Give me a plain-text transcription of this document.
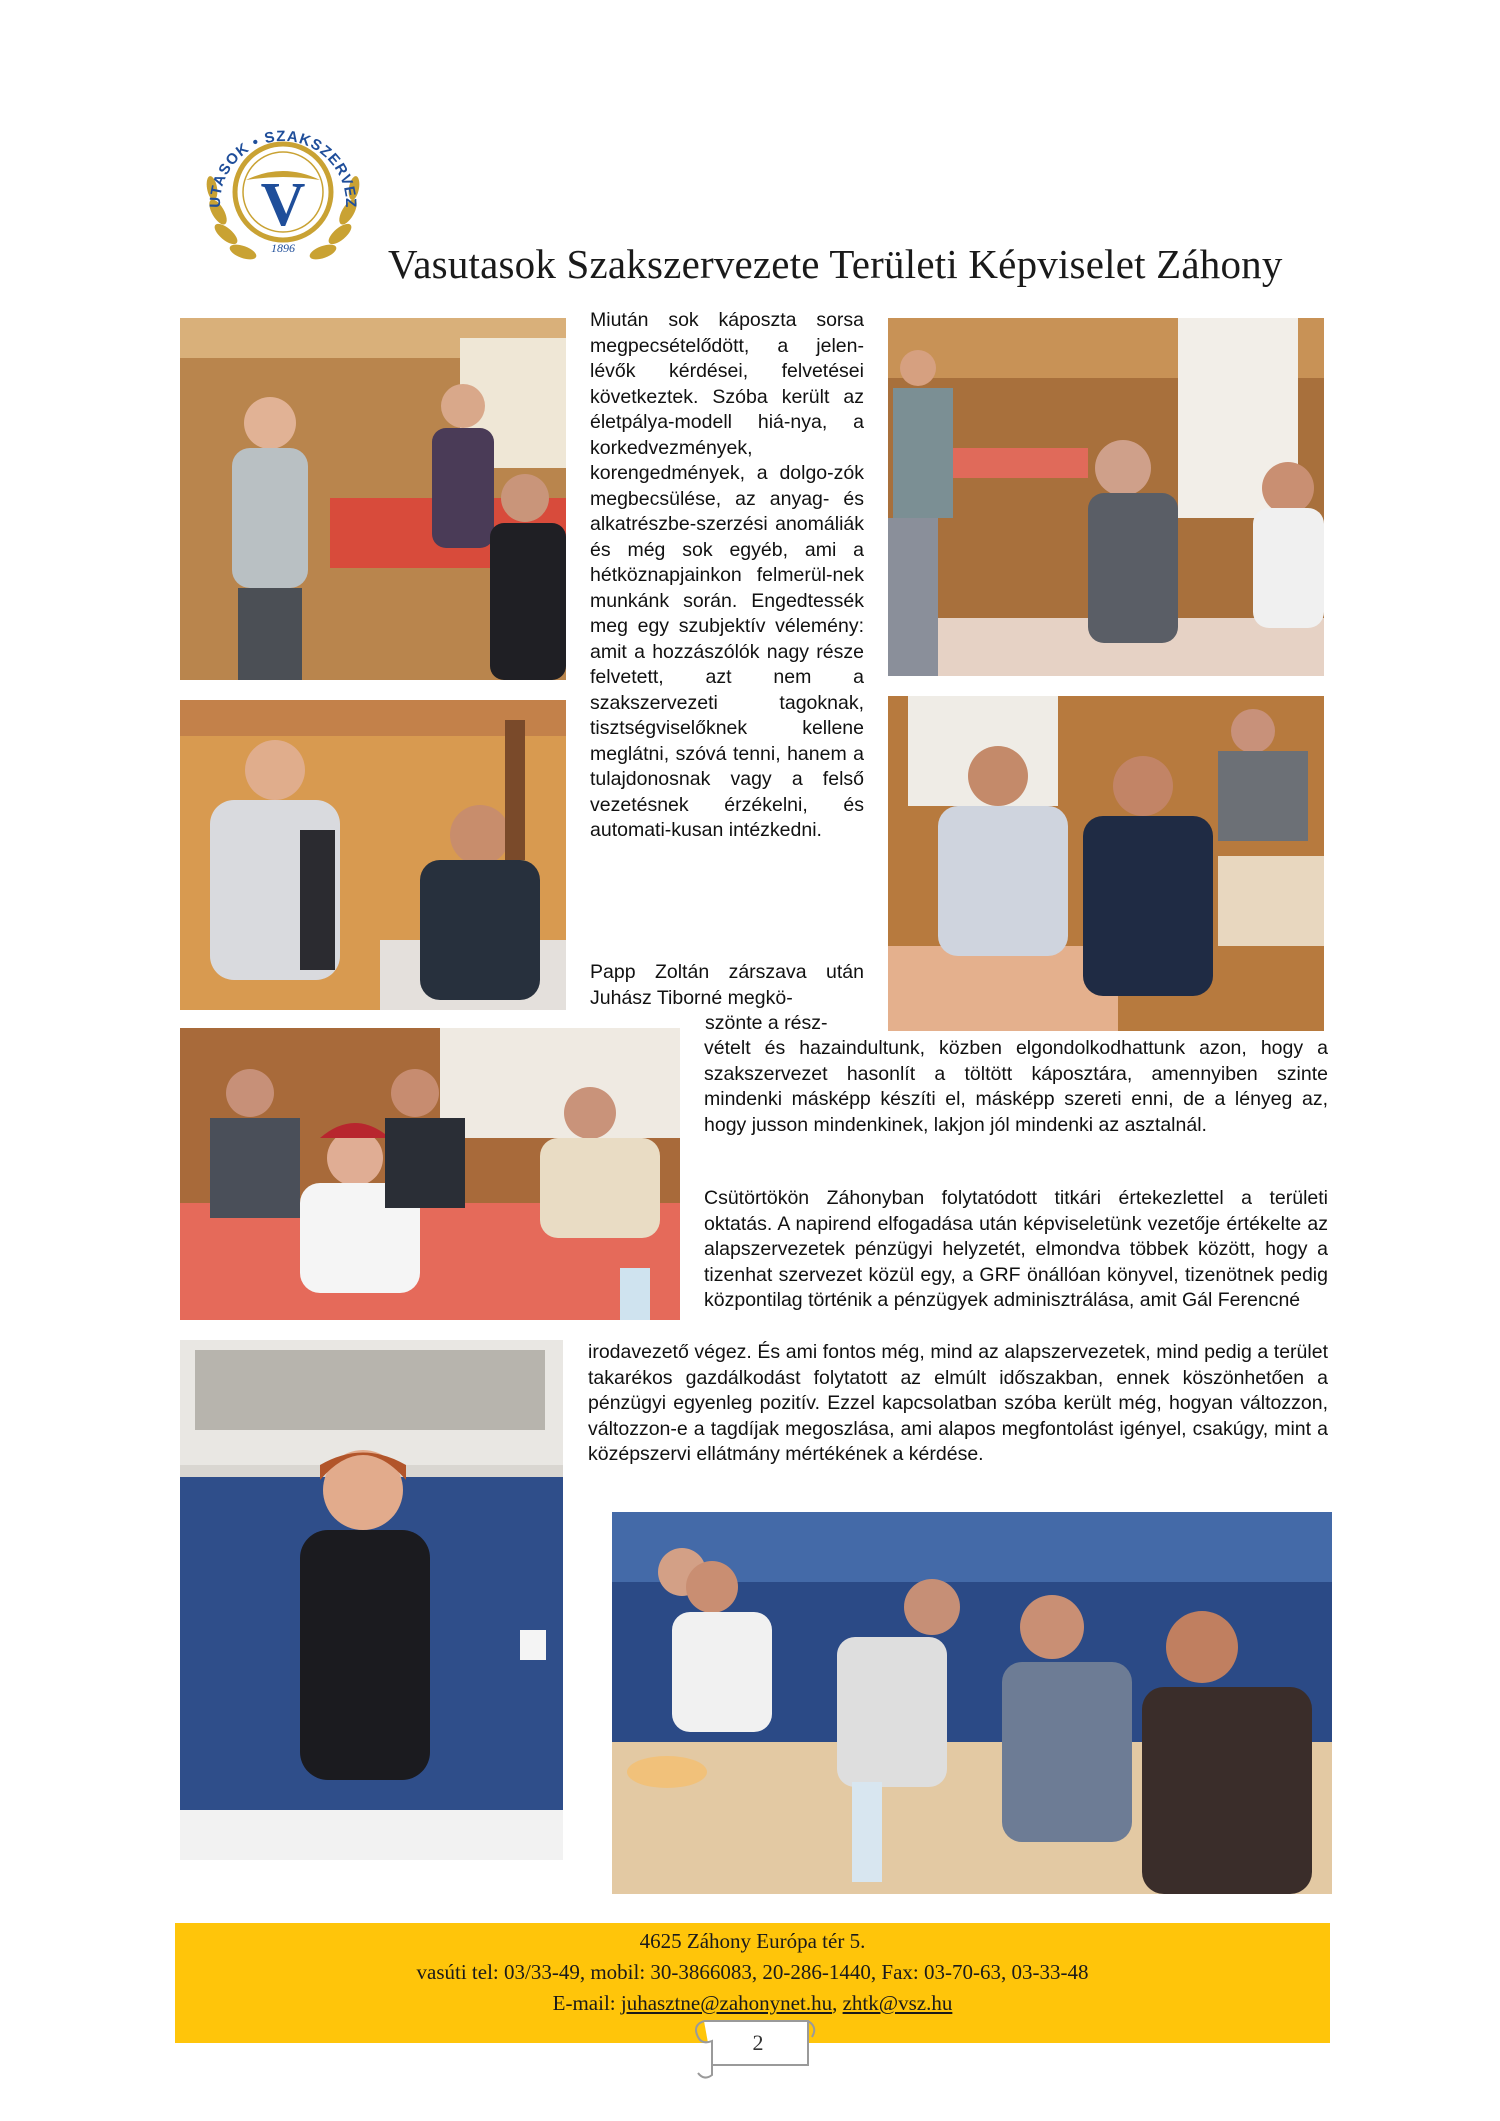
V
1896
UTASOK • SZAKSZERVEZ
Vasutasok Szakszervezete Területi Képviselet Záhony

Miután sok káposzta sorsa megpecsételődött, a jelen-lévők kérdései, felvetései következtek. Szóba került az életpálya-modell hiá-nya, a korkedvezmények, korengedmények, a dolgo-zók megbecsülése, az anyag- és alkatrészbe-szerzési anomáliák és még sok egyéb, ami a hétköznapjainkon felmerül-nek munkánk során. Engedtessék meg egy szubjektív vélemény: amit a hozzászólók nagy része felvetett, azt nem a szakszervezeti tagoknak, tisztségviselőknek kellene meglátni, szóvá tenni, hanem a tulajdonosnak vagy a felső vezetésnek érzékelni, és automati-kusan intézkedni.

Papp Zoltán zárszava után Juhász Tiborné megkö-

szönte a rész-

vételt és hazaindultunk, közben elgondolkodhattunk azon, hogy a szakszervezet hasonlít a töltött káposztára, amennyiben szinte mindenki másképp készíti el, másképp szereti enni, de a lényeg az, hogy jusson mindenkinek, lakjon jól mindenki az asztalnál.

Csütörtökön Záhonyban folytatódott titkári értekezlettel a területi oktatás. A napirend elfogadása után képviseletünk vezetője értékelte az alapszervezetek pénzügyi helyzetét, elmondva többek között, hogy a tizenhat szervezet közül egy, a GRF önállóan könyvel, tizenötnek pedig központilag történik a pénzügyek adminisztrálása, amit Gál Ferencné

irodavezető végez. És ami fontos még, mind az alapszervezetek, mind pedig a terület takarékos gazdálkodást folytatott az elmúlt időszakban, ennek köszönhetően a pénzügyi egyenleg pozitív. Ezzel kapcsolatban szóba került még, hogyan változzon, változzon-e a tagdíjak megoszlása, ami alapos megfontolást igényel, csakúgy, mint a középszervi ellátmány mértékének a kérdése.

4625 Záhony Európa tér 5.
vasúti tel: 03/33-49, mobil: 30-3866083, 20-286-1440, Fax: 03-70-63, 03-33-48
E-mail: juhasztne@zahonynet.hu, zhtk@vsz.hu
2
